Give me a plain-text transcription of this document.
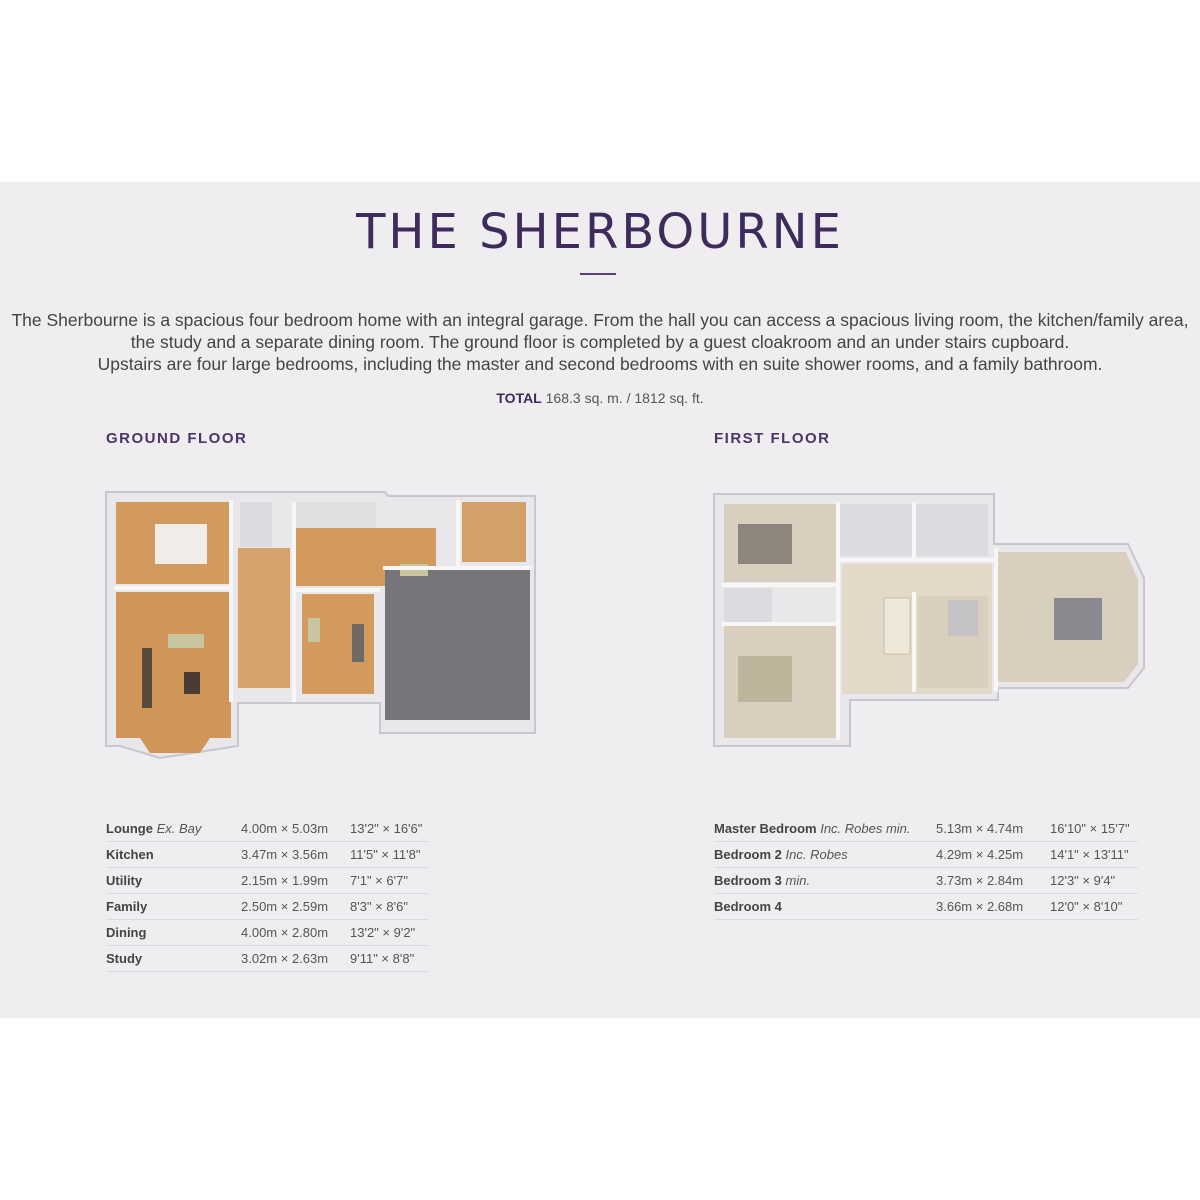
THE SHERBOURNE
The Sherbourne is a spacious four bedroom home with an integral garage. From the hall you can access a spacious living room, the kitchen/family area,
the study and a separate dining room. The ground floor is completed by a guest cloakroom and an under stairs cupboard.
Upstairs are four large bedrooms, including the master and second bedrooms with en suite shower rooms, and a family bathroom.
TOTAL 168.3 sq. m. / 1812 sq. ft.
GROUND FLOOR	FIRST FLOOR
Lounge Ex. Bay	4.00m × 5.03m	13'2" × 16'6"
Kitchen	3.47m × 3.56m	11'5" × 11'8"
Utility	2.15m × 1.99m	7'1" × 6'7"
Family	2.50m × 2.59m	8'3" × 8'6"
Dining	4.00m × 2.80m	13'2" × 9'2"
Study	3.02m × 2.63m	9'11" × 8'8"
Master Bedroom Inc. Robes min.	5.13m × 4.74m	16'10" × 15'7"
Bedroom 2 Inc. Robes	4.29m × 4.25m	14'1" × 13'11"
Bedroom 3 min.	3.73m × 2.84m	12'3" × 9'4"
Bedroom 4	3.66m × 2.68m	12'0" × 8'10"
